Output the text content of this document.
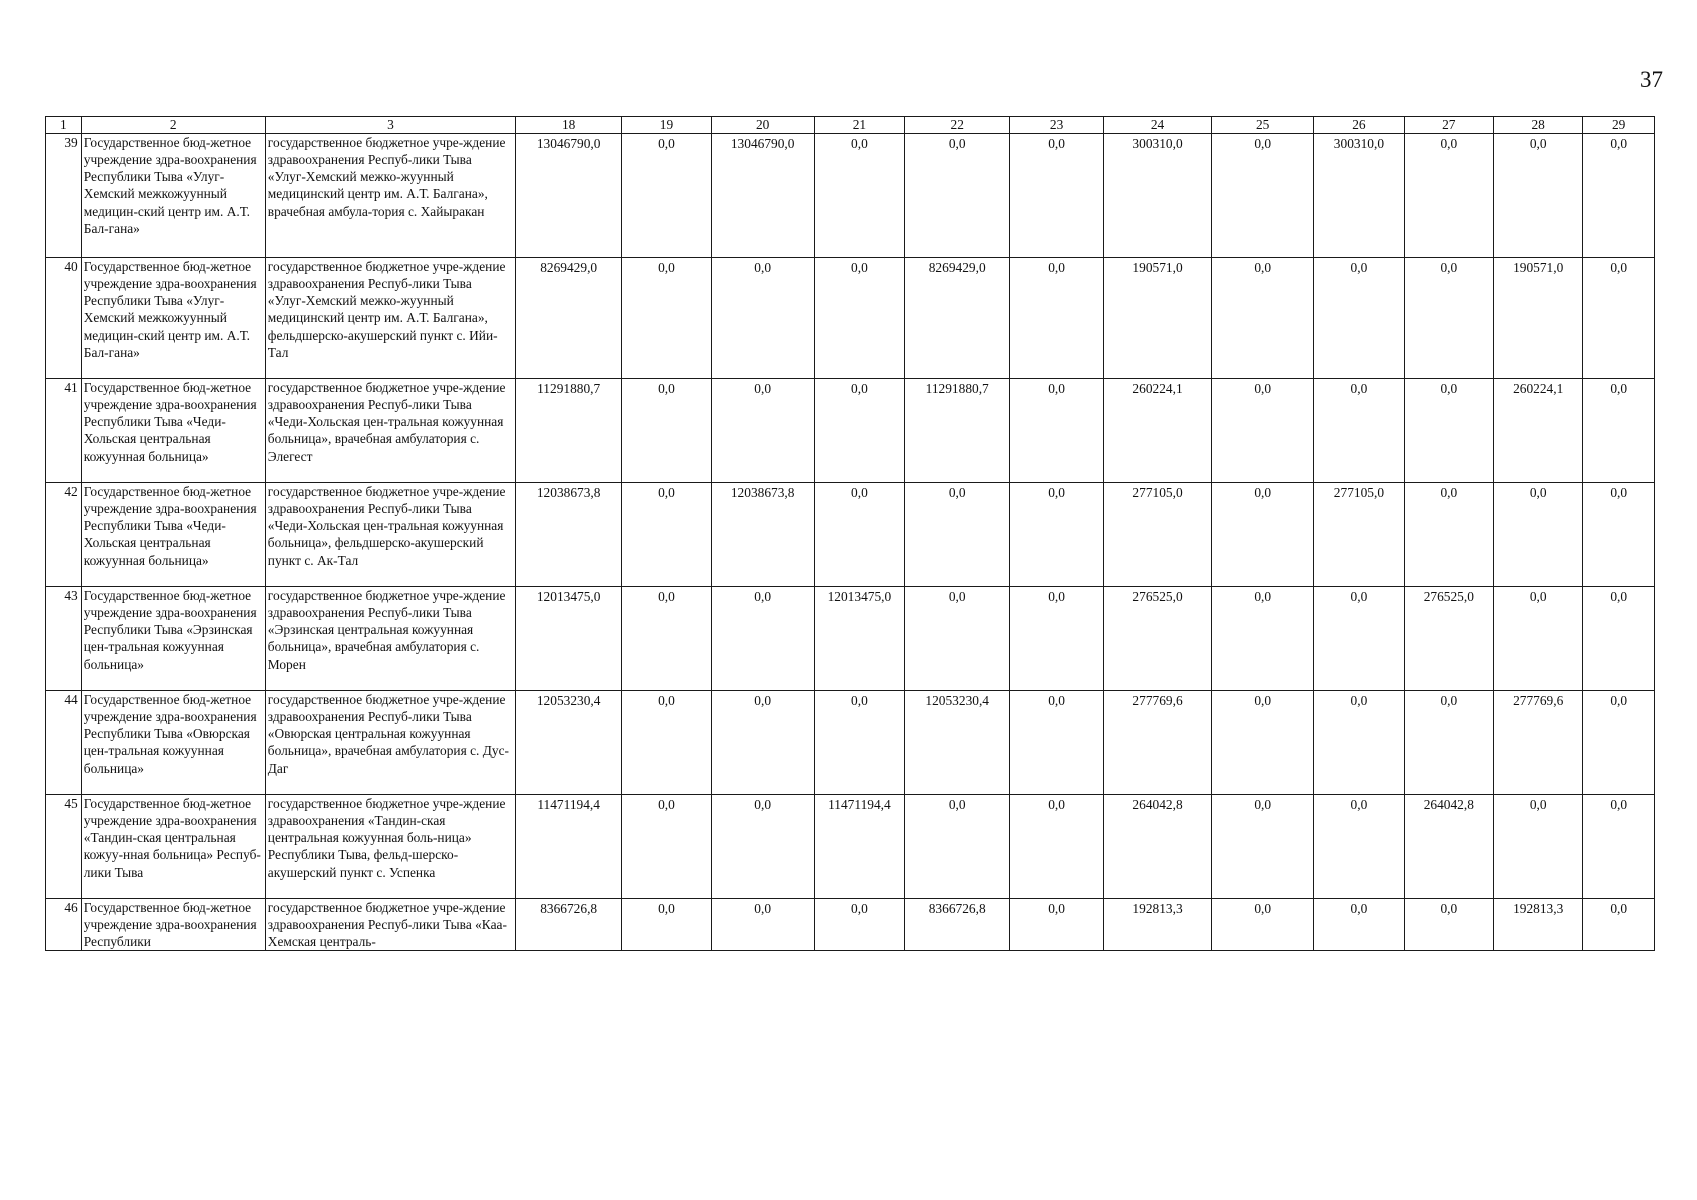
37
1	2	3	18	19	20	21	22	23	24	25	26	27	28	29
39	Государственное бюд-жетное учреждение здра-воохранения Республики Тыва «Улуг-Хемский межкожуунный медицин-ский центр им. А.Т. Бал-гана»	государственное бюджетное учре-ждение здравоохранения Респуб-лики Тыва «Улуг-Хемский межко-жуунный медицинский центр им. А.Т. Балгана», врачебная амбула-тория с. Хайыракан	13046790,0	0,0	13046790,0	0,0	0,0	0,0	300310,0	0,0	300310,0	0,0	0,0	0,0
40	Государственное бюд-жетное учреждение здра-воохранения Республики Тыва «Улуг-Хемский межкожуунный медицин-ский центр им. А.Т. Бал-гана»	государственное бюджетное учре-ждение здравоохранения Респуб-лики Тыва «Улуг-Хемский межко-жуунный медицинский центр им. А.Т. Балгана», фельдшерско-акушерский пункт с. Ийи-Тал	8269429,0	0,0	0,0	0,0	8269429,0	0,0	190571,0	0,0	0,0	0,0	190571,0	0,0
41	Государственное бюд-жетное учреждение здра-воохранения Республики Тыва «Чеди-Хольская центральная кожуунная больница»	государственное бюджетное учре-ждение здравоохранения Респуб-лики Тыва «Чеди-Хольская цен-тральная кожуунная больница», врачебная амбулатория с. Элегест	11291880,7	0,0	0,0	0,0	11291880,7	0,0	260224,1	0,0	0,0	0,0	260224,1	0,0
42	Государственное бюд-жетное учреждение здра-воохранения Республики Тыва «Чеди-Хольская центральная кожуунная больница»	государственное бюджетное учре-ждение здравоохранения Респуб-лики Тыва «Чеди-Хольская цен-тральная кожуунная больница», фельдшерско-акушерский пункт с. Ак-Тал	12038673,8	0,0	12038673,8	0,0	0,0	0,0	277105,0	0,0	277105,0	0,0	0,0	0,0
43	Государственное бюд-жетное учреждение здра-воохранения Республики Тыва «Эрзинская цен-тральная кожуунная больница»	государственное бюджетное учре-ждение здравоохранения Респуб-лики Тыва «Эрзинская центральная кожуунная больница», врачебная амбулатория с. Морен	12013475,0	0,0	0,0	12013475,0	0,0	0,0	276525,0	0,0	0,0	276525,0	0,0	0,0
44	Государственное бюд-жетное учреждение здра-воохранения Республики Тыва «Овюрская цен-тральная кожуунная больница»	государственное бюджетное учре-ждение здравоохранения Респуб-лики Тыва «Овюрская центральная кожуунная больница», врачебная амбулатория с. Дус-Даг	12053230,4	0,0	0,0	0,0	12053230,4	0,0	277769,6	0,0	0,0	0,0	277769,6	0,0
45	Государственное бюд-жетное учреждение здра-воохранения «Тандин-ская центральная кожуу-нная больница» Респуб-лики Тыва	государственное бюджетное учре-ждение здравоохранения «Тандин-ская центральная кожуунная боль-ница» Республики Тыва, фельд-шерско-акушерский пункт с. Успенка	11471194,4	0,0	0,0	11471194,4	0,0	0,0	264042,8	0,0	0,0	264042,8	0,0	0,0
46	Государственное бюд-жетное учреждение здра-воохранения Республики	государственное бюджетное учре-ждение здравоохранения Респуб-лики Тыва «Каа-Хемская централь-	8366726,8	0,0	0,0	0,0	8366726,8	0,0	192813,3	0,0	0,0	0,0	192813,3	0,0
